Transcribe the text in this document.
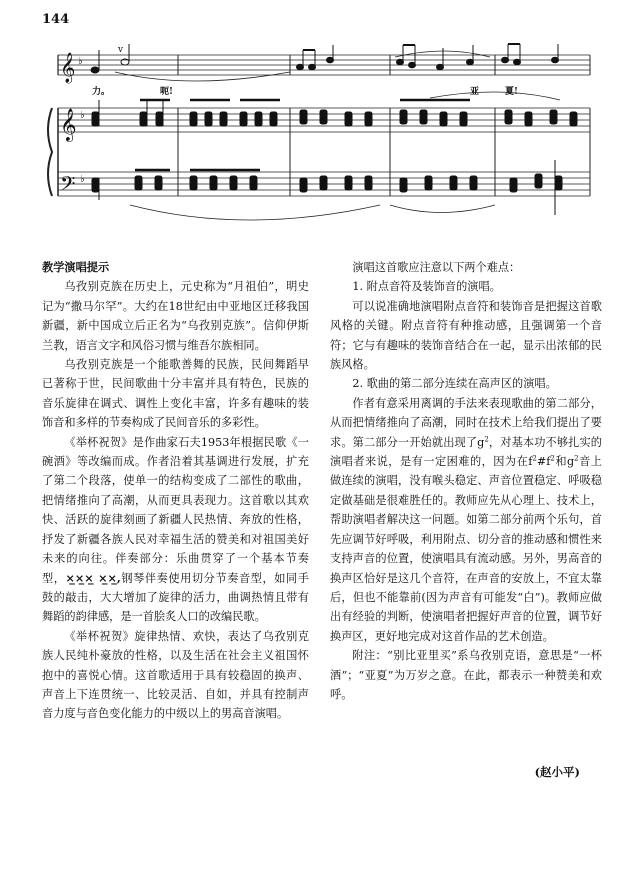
144
𝄞
𝄞
𝄢
♭
♭
♭
v
力。	呃!	亚	夏!

教学演唱提示

乌孜别克族在历史上，元史称为“月祖伯”，明史记为“撒马尔罕”。大约在18世纪由中亚地区迁移我国新疆，新中国成立后正名为“乌孜别克族”。信仰伊斯兰教，语言文字和风俗习惯与维吾尔族相同。

乌孜别克族是一个能歌善舞的民族，民间舞蹈早已著称于世，民间歌曲十分丰富并具有特色，民族的音乐旋律在调式、调性上变化丰富，许多有趣味的装饰音和多样的节奏构成了民间音乐的多彩性。

《举杯祝贺》是作曲家石夫1953年根据民歌《一碗酒》等改编而成。作者沿着其基调进行发展，扩充了第二个段落，使单一的结构变成了二部性的歌曲，把情绪推向了高潮，从而更具表现力。这首歌以其欢快、活跃的旋律刻画了新疆人民热情、奔放的性格，抒发了新疆各族人民对幸福生活的赞美和对祖国美好未来的向往。伴奏部分：乐曲贯穿了一个基本节奏型，×̲×̲×̲ ×̲×̲,钢琴伴奏使用切分节奏音型，如同手鼓的敲击，大大增加了旋律的活力，曲调热情且带有舞蹈的韵律感，是一首脍炙人口的改编民歌。

《举杯祝贺》旋律热情、欢快，表达了乌孜别克族人民纯朴豪放的性格，以及生活在社会主义祖国怀抱中的喜悦心情。这首歌适用于具有较稳固的换声、声音上下连贯统一、比较灵活、自如，并具有控制声音力度与音色变化能力的中级以上的男高音演唱。

演唱这首歌应注意以下两个难点：

1. 附点音符及装饰音的演唱。

可以说准确地演唱附点音符和装饰音是把握这首歌风格的关键。附点音符有种推动感，且强调第一个音符；它与有趣味的装饰音结合在一起，显示出浓郁的民族风格。

2. 歌曲的第二部分连续在高声区的演唱。

作者有意采用离调的手法来表现歌曲的第二部分，从而把情绪推向了高潮，同时在技术上给我们提出了要求。第二部分一开始就出现了$g^2$，对基本功不够扎实的演唱者来说，是有一定困难的，因为在$f^2\#f^2$和$g^2$音上做连续的演唱，没有喉头稳定、声音位置稳定、呼吸稳定做基础是很难胜任的。教师应先从心理上、技术上，帮助演唱者解决这一问题。如第二部分前两个乐句，首先应调节好呼吸，利用附点、切分音的推动感和惯性来支持声音的位置，使演唱具有流动感。另外，男高音的换声区恰好是这几个音符，在声音的安放上，不宜太靠后，但也不能靠前(因为声音有可能发“白”)。教师应做出有经验的判断，使演唱者把握好声音的位置，调节好换声区，更好地完成对这首作品的艺术创造。

附注：“别比亚里买”系乌孜别克语，意思是“一杯酒”；“亚夏”为万岁之意。在此，都表示一种赞美和欢呼。

(赵小平)
